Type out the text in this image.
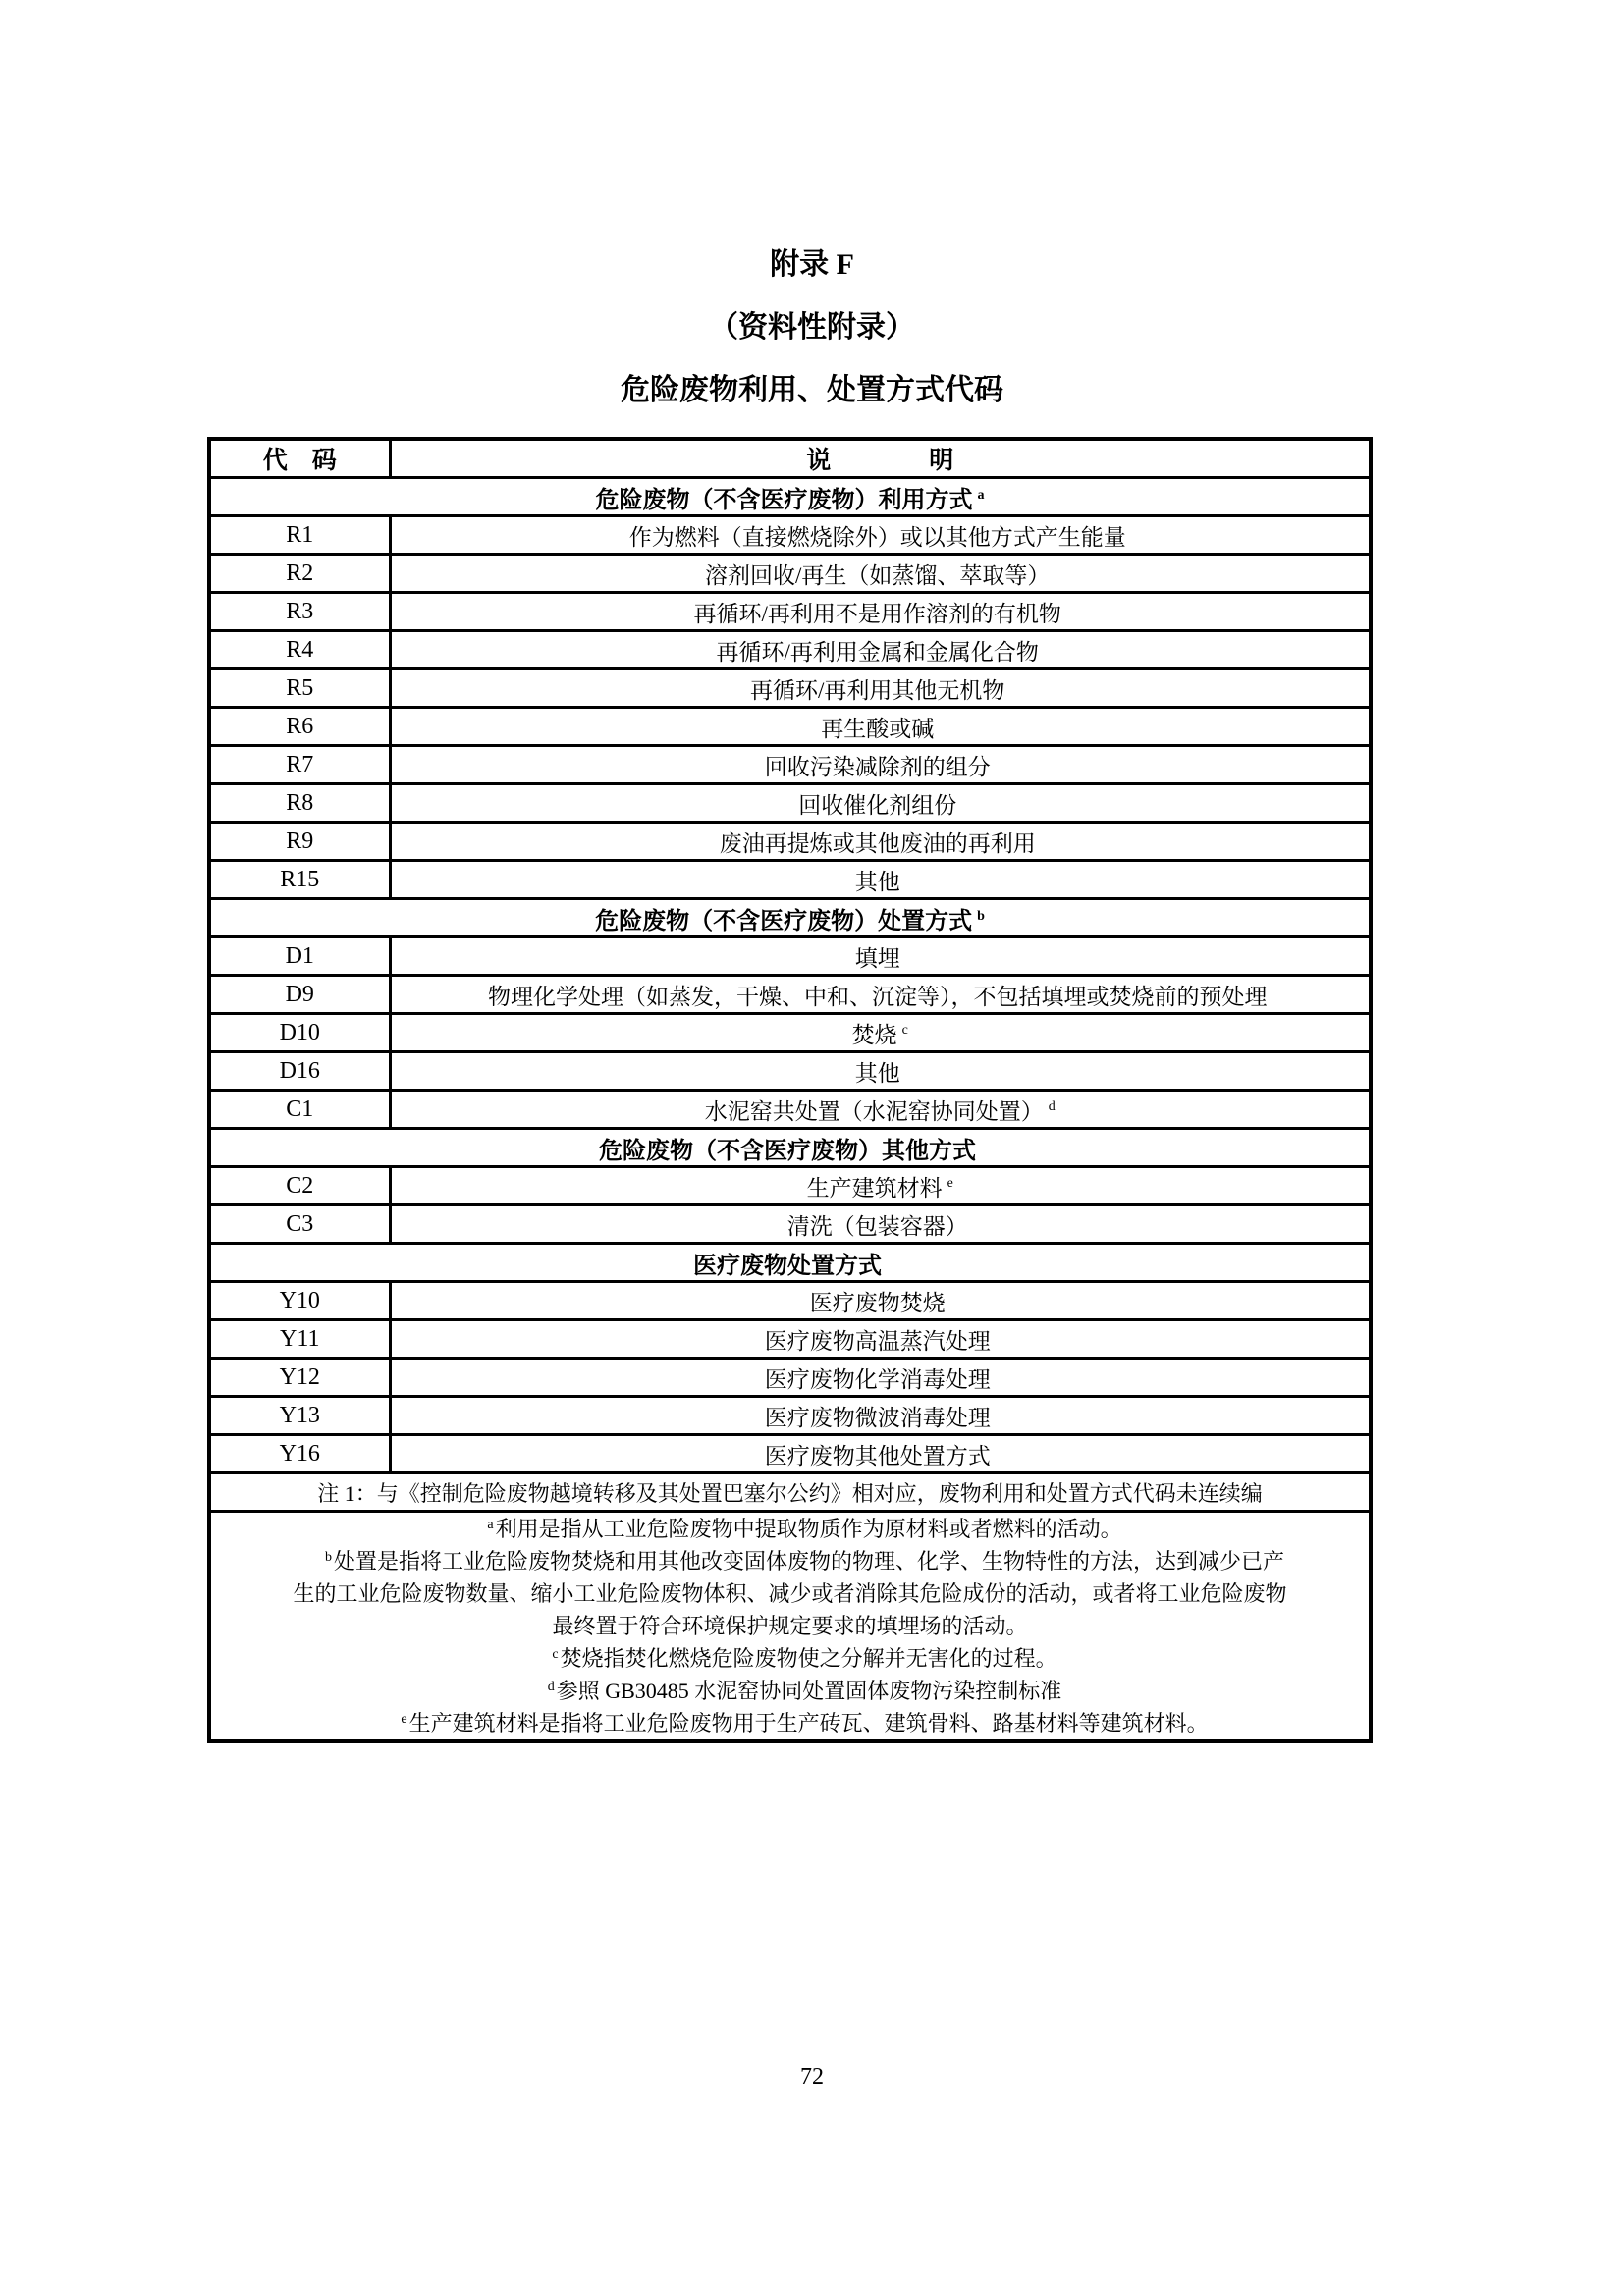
附录 F
（资料性附录）
危险废物利用、处置方式代码
代　码	说　　　　明
危险废物（不含医疗废物）利用方式 $^a$
R1	作为燃料（直接燃烧除外）或以其他方式产生能量
R2	溶剂回收/再生（如蒸馏、萃取等）
R3	再循环/再利用不是用作溶剂的有机物
R4	再循环/再利用金属和金属化合物
R5	再循环/再利用其他无机物
R6	再生酸或碱
R7	回收污染减除剂的组分
R8	回收催化剂组份
R9	废油再提炼或其他废油的再利用
R15	其他
危险废物（不含医疗废物）处置方式 $^b$
D1	填埋
D9	物理化学处理（如蒸发，干燥、中和、沉淀等），不包括填埋或焚烧前的预处理
D10	焚烧 $^c$
D16	其他
C1	水泥窑共处置（水泥窑协同处置） $^d$
危险废物（不含医疗废物）其他方式	
C2	生产建筑材料 $^e$
C3	清洗（包装容器）
医疗废物处置方式	
Y10	医疗废物焚烧
Y11	医疗废物高温蒸汽处理
Y12	医疗废物化学消毒处理
Y13	医疗废物微波消毒处理
Y16	医疗废物其他处置方式
注 1：与《控制危险废物越境转移及其处置巴塞尔公约》相对应，废物利用和处置方式代码未连续编	

$^a$利用是指从工业危险废物中提取物质作为原材料或者燃料的活动。
$^b$处置是指将工业危险废物焚烧和用其他改变固体废物的物理、化学、生物特性的方法，达到减少已产
生的工业危险废物数量、缩小工业危险废物体积、减少或者消除其危险成份的活动，或者将工业危险废物
最终置于符合环境保护规定要求的填埋场的活动。
$^c$焚烧指焚化燃烧危险废物使之分解并无害化的过程。
$^d$参照 GB30485 水泥窑协同处置固体废物污染控制标准
$^e$生产建筑材料是指将工业危险废物用于生产砖瓦、建筑骨料、路基材料等建筑材料。
72
